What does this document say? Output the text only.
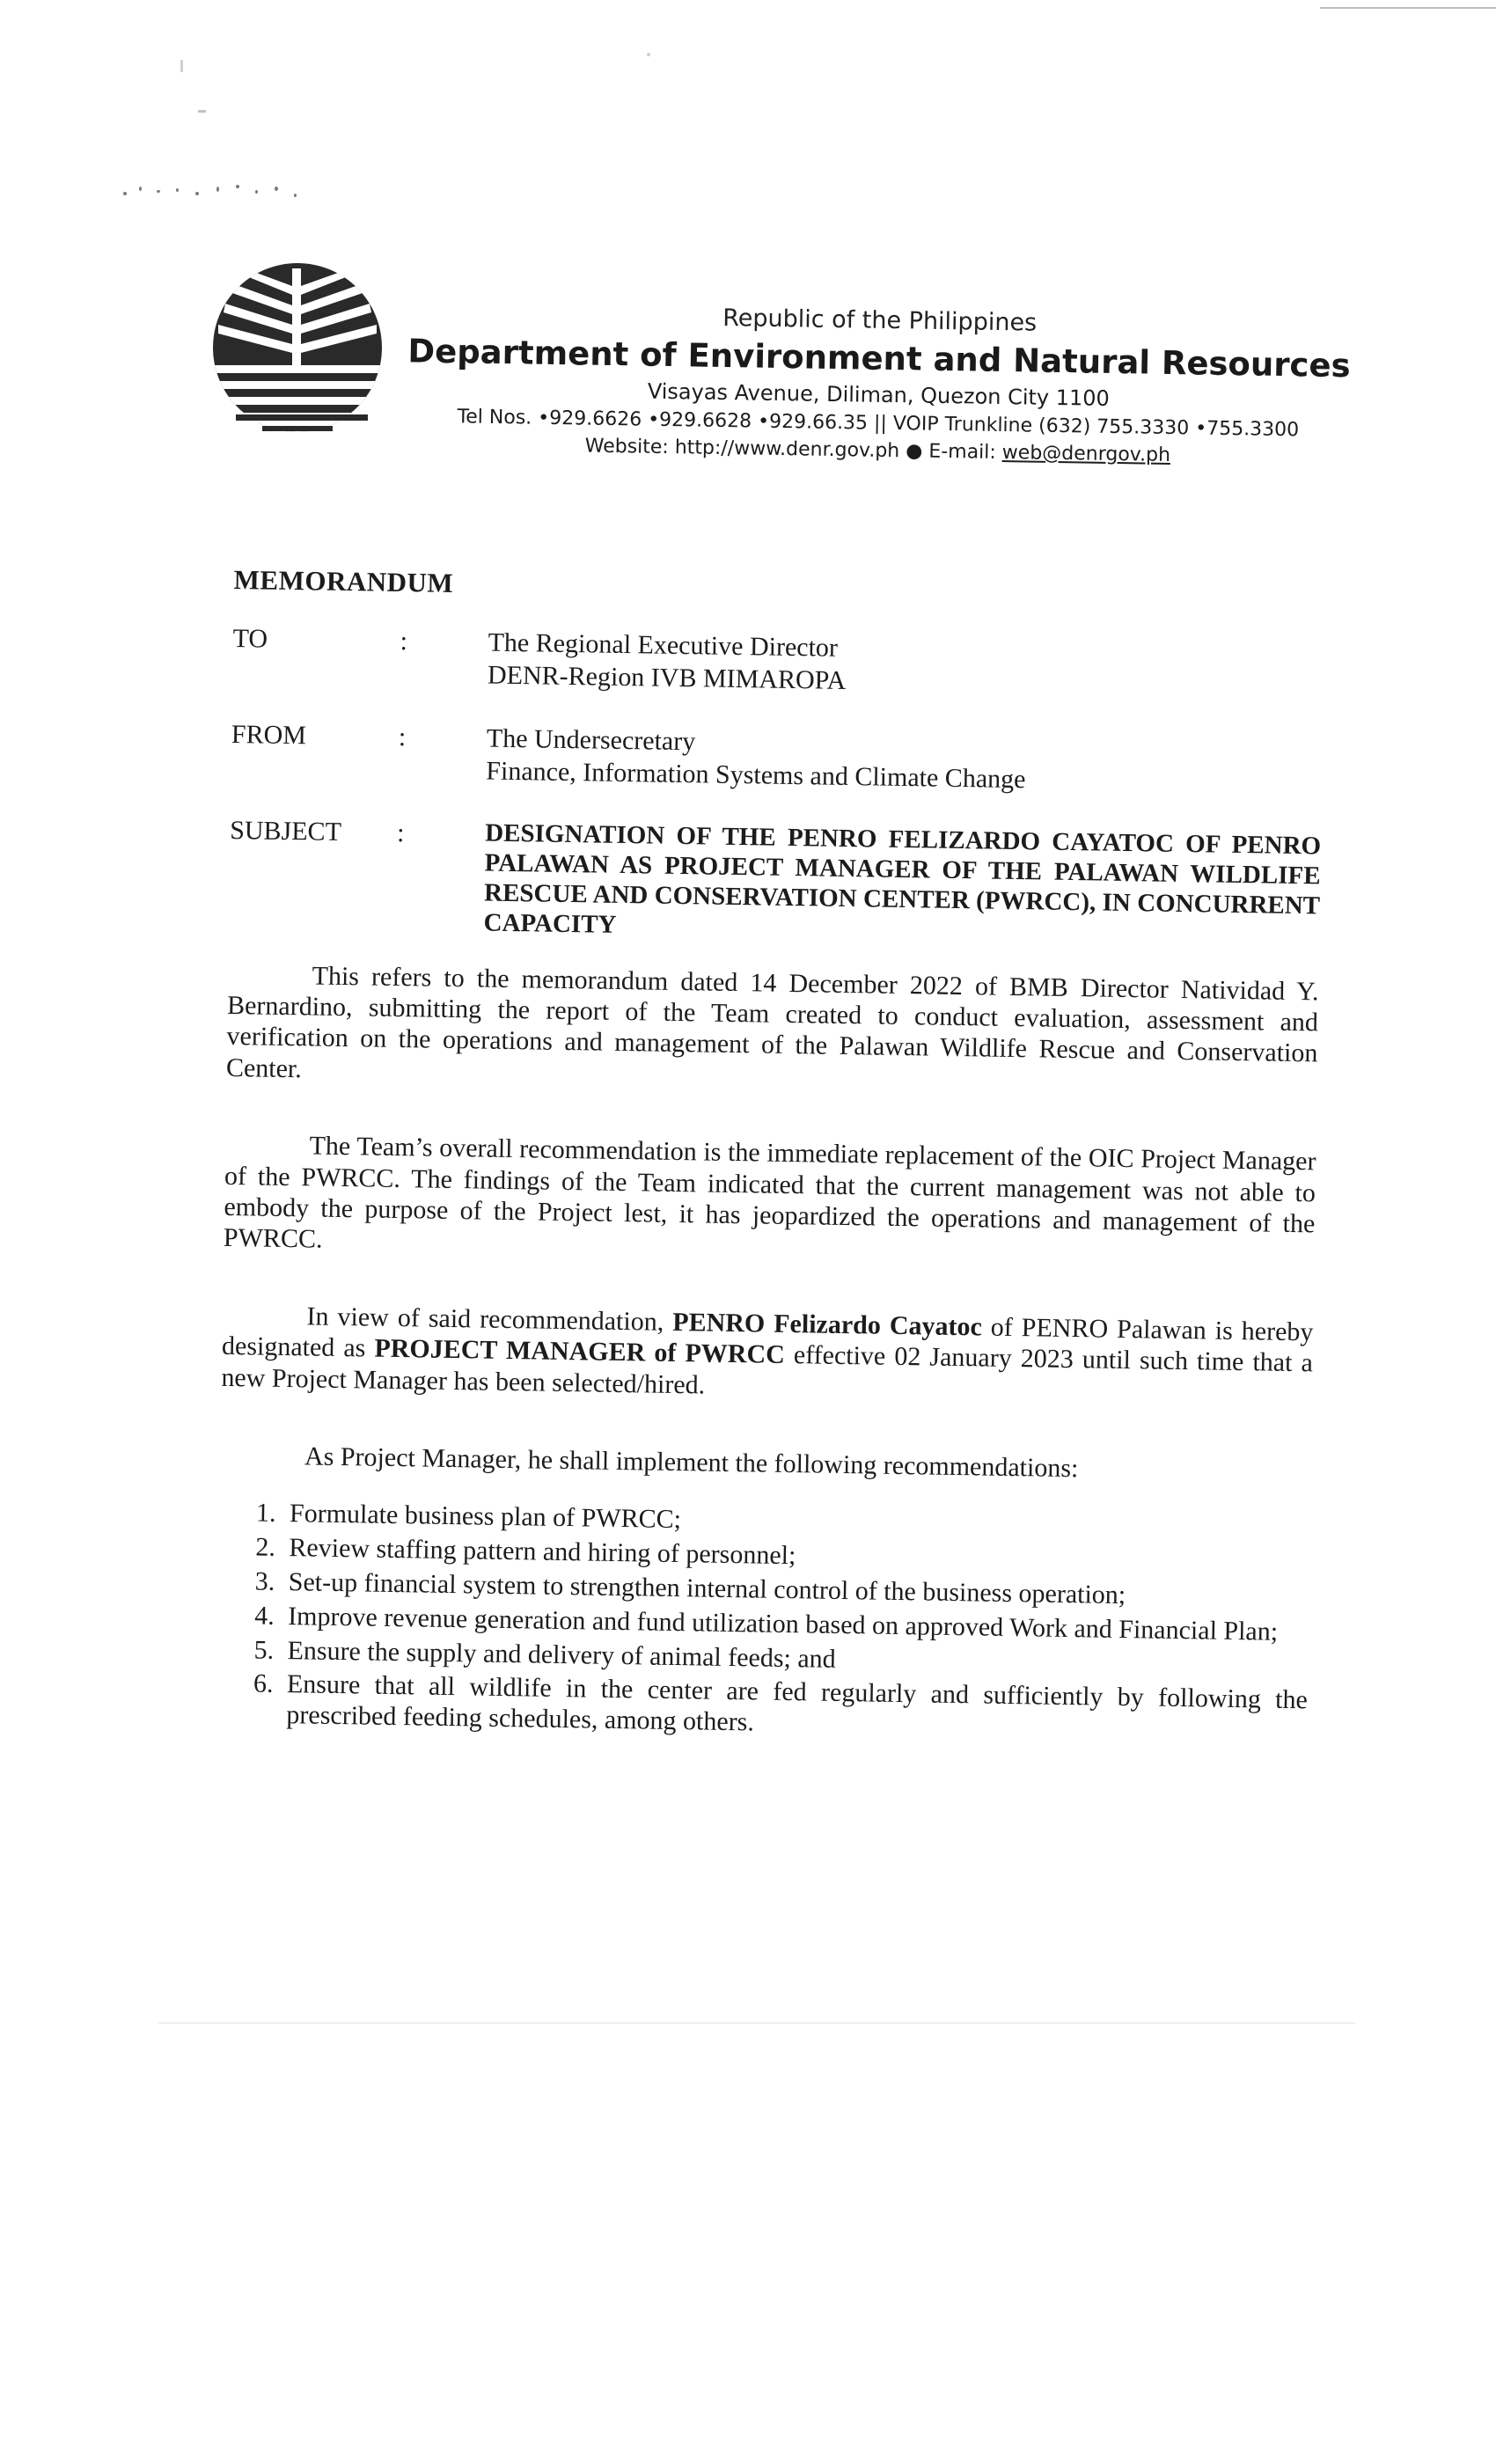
Republic of the Philippines
Department of Environment and Natural Resources
Visayas Avenue, Diliman, Quezon City 1100
Tel Nos. •929.6626 •929.6628 •929.66.35 || VOIP Trunkline (632) 755.3330 •755.3300
Website: http://www.denr.gov.ph ● E-mail: web@denrgov.ph
MEMORANDUM
TO	:	The Regional Executive Director
DENR-Region IVB MIMAROPA
FROM	:	The Undersecretary
Finance, Information Systems and Climate Change
SUBJECT	:	DESIGNATION OF THE PENRO FELIZARDO CAYATOC OF PENRO PALAWAN AS PROJECT MANAGER OF THE PALAWAN WILDLIFE RESCUE AND CONSERVATION CENTER (PWRCC), IN CONCURRENT CAPACITY

This refers to the memorandum dated 14 December 2022 of BMB Director Natividad Y. Bernardino, submitting the report of the Team created to conduct evaluation, assessment and verification on the operations and management of the Palawan Wildlife Rescue and Conservation Center.

The Team’s overall recommendation is the immediate replacement of the OIC Project Manager of the PWRCC. The findings of the Team indicated that the current management was not able to embody the purpose of the Project lest, it has jeopardized the operations and management of the PWRCC.

In view of said recommendation, PENRO Felizardo Cayatoc of PENRO Palawan is hereby designated as PROJECT MANAGER of PWRCC effective 02 January 2023 until such time that a new Project Manager has been selected/hired.

As Project Manager, he shall implement the following recommendations:
1. Formulate business plan of PWRCC;
2. Review staffing pattern and hiring of personnel;
3. Set-up financial system to strengthen internal control of the business operation;
4. Improve revenue generation and fund utilization based on approved Work and Financial Plan;
5. Ensure the supply and delivery of animal feeds; and
6. Ensure that all wildlife in the center are fed regularly and sufficiently by following the prescribed feeding schedules, among others.
